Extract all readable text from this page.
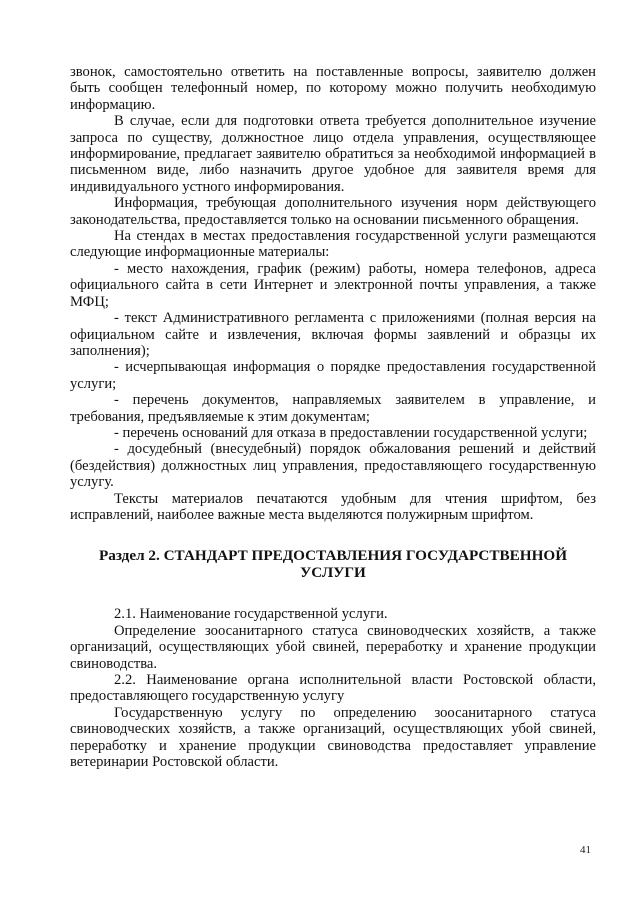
звонок, самостоятельно ответить на поставленные вопросы, заявителю должен быть сообщен телефонный номер, по которому можно получить необходимую информацию.

В случае, если для подготовки ответа требуется дополнительное изучение запроса по существу, должностное лицо отдела управления, осуществляющее информирование, предлагает заявителю обратиться за необходимой информацией в письменном виде, либо назначить другое удобное для заявителя время для индивидуального устного информирования.

Информация, требующая дополнительного изучения норм действующего законодательства, предоставляется только на основании письменного обращения.

На стендах в местах предоставления государственной услуги размещаются следующие информационные материалы:

- место нахождения, график (режим) работы, номера телефонов, адреса официального сайта в сети Интернет и электронной почты управления, а также МФЦ;

- текст Административного регламента с приложениями (полная версия на официальном сайте и извлечения, включая формы заявлений и образцы их заполнения);

- исчерпывающая информация о порядке предоставления государственной услуги;

- перечень документов, направляемых заявителем в управление, и требования, предъявляемые к этим документам;

- перечень оснований для отказа в предоставлении государственной услуги;

- досудебный (внесудебный) порядок обжалования решений и действий (бездействия) должностных лиц управления, предоставляющего государственную услугу.

Тексты материалов печатаются удобным для чтения шрифтом, без исправлений, наиболее важные места выделяются полужирным шрифтом.

Раздел 2. СТАНДАРТ ПРЕДОСТАВЛЕНИЯ ГОСУДАРСТВЕННОЙ УСЛУГИ

2.1. Наименование государственной услуги.

Определение зоосанитарного статуса свиноводческих хозяйств, а также организаций, осуществляющих убой свиней, переработку и хранение продукции свиноводства.

2.2. Наименование органа исполнительной власти Ростовской области, предоставляющего государственную услугу

Государственную услугу по определению зоосанитарного статуса свиноводческих хозяйств, а также организаций, осуществляющих убой свиней, переработку и хранение продукции свиноводства предоставляет управление ветеринарии Ростовской области.

41
